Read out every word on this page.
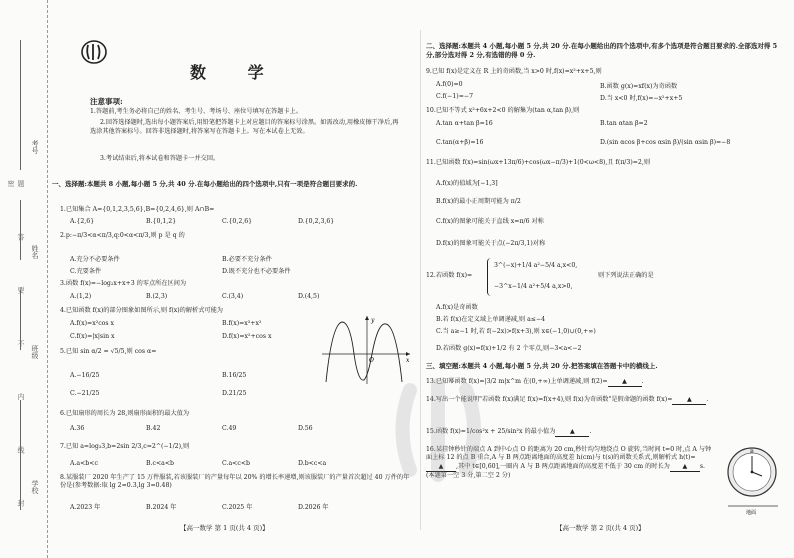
考号
姓名
班级
学校
题 答 要 不 内 线 封 密
数 学
注意事项:
1.答题前,考生务必将自己的姓名、考生号、考场号、座位号填写在答题卡上。
2.回答选择题时,选出每小题答案后,用铅笔把答题卡上对应题目的答案标号涂黑。如需改动,用橡皮擦干净后,再选涂其他答案标号。回答非选择题时,将答案写在答题卡上。写在本试卷上无效。
3.考试结束后,将本试卷和答题卡一并交回。
一、选择题:本题共 8 小题,每小题 5 分,共 40 分.在每小题给出的四个选项中,只有一项是符合题目要求的.
1.已知集合 A={0,1,2,3,5,6},B={0,2,4,6},则 A∩B=
A.{2,6}	B.{0,1,2}	C.{0,2,6}	D.{0,2,3,6}
2.p:−π/3<α<π/3,q:0<α<π/3,则 p 是 q 的
A.充分不必要条件	B.必要不充分条件
C.充要条件	D.既不充分也不必要条件
3.函数 f(x)=−log₂x+x+3 的零点所在区间为
A.(1,2)	B.(2,3)	C.(3,4)	D.(4,5)
4.已知函数 f(x)的部分图象如图所示,则 f(x)的解析式可能为
A.f(x)=x²cos x	B.f(x)=x³+x²
C.f(x)=|x|sin x	D.f(x)=x²+cos x
O	x
y
5.已知 sin α/2 = √5/5,则 cos α=
A.−16/25	B.16/25
C.−21/25	D.21/25
6.已知扇形的周长为 28,则扇形面积的最大值为
A.36	B.42	C.49	D.56
7.已知 a=log₃3,b=2sin 2/3,c=2^(−1/2),则
A.a<b<c	B.c<a<b	C.a<c<b	D.b<c<a
8.某服装厂 2020 年生产了 15 万件服装,若该服装厂的产量每年以 20% 的增长率递增,则该服装厂的产量首次超过 40 万件的年份是(参考数据:取 lg 2=0.3,lg 3=0.48)
A.2023 年	B.2024 年	C.2025 年	D.2026 年
【高一数学 第 1 页(共 4 页)】
二、选择题:本题共 4 小题,每小题 5 分,共 20 分.在每小题给出的四个选项中,有多个选项是符合题目要求的.全部选对得 5 分,部分选对得 2 分,有选错的得 0 分.
9.已知 f(x)是定义在 R 上的奇函数,当 x>0 时,f(x)=x²+x+5,则
A.f(0)=0	B.函数 g(x)=xf(x)为奇函数
C.f(−1)=−7	D.当 x<0 时,f(x)=−x²+x+5
10.已知不等式 x²+6x+2<0 的解集为(tan α,tan β),则
A.tan α+tan β=16	B.tan αtan β=2
C.tan(α+β)=16	D.(sin αcos β+cos αsin β)/(sin αsin β)=−8
11.已知函数 f(x)=sin(ωx+13π/6)+cos(ωx−π/3)+1(0<ω<8),且 f(π/3)=2,则
A.f(x)的值域为[−1,3]
B.f(x)的最小正周期可能为 π/2
C.f(x)的图象可能关于直线 x=π/6 对称
D.f(x)的图象可能关于点(−2π/3,1)对称
12.若函数 f(x)=
3^(−x)+1/4 a²−5/4 a,x<0,
−3^x−1/4 a²+5/4 a,x>0,
则下列说法正确的是
A.f(x)是奇函数
B.若 f(x)在定义域上单调递减,则 a≤−4
C.当 a≥−1 时,若 f(−2x)>f(x+3),则 x∈(−1,0)∪(0,+∞)
D.若函数 g(x)=f(x)+1/2 有 2 个零点,则−3<a<−2
三、填空题:本题共 4 小题,每小题 5 分,共 20 分.把答案填在答题卡中的横线上.
13.已知幂函数 f(x)=|3/2 m|x^m 在(0,+∞)上单调递减,则 f(2)= ▲ .
14.写出一个能说明"若函数 f(x)满足 f(x)=f(x+4),则 f(x)为奇函数"是假命题的函数 f(x)= ▲ .
15.函数 f(x)=1/cos²x + 25/sin²x 的最小值为 ▲ .
16.某挂钟秒针的端点 A 到中心点 O 的距离为 20 cm,秒针均匀地绕点 O 旋转,当时间 t=0 时,点 A 与钟面上标 12 的点 B 重合,A 与 B 两点距离地面的高度差 h(cm)与 t(s)的函数关系式,则解析式 h(t)=▲ ,其中 t∈[0,60],一圈内 A 与 B 两点距离地面的高度差不低于 30 cm 的时长为 ▲ s.
(本题第一空 3 分,第二空 2 分)
B
地面
【高一数学 第 2 页(共 4 页)】
